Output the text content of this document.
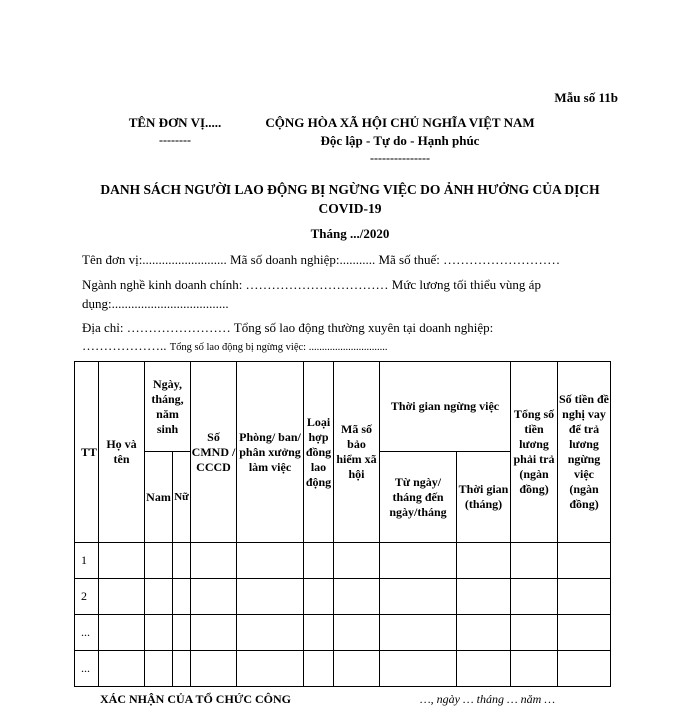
Mẫu số 11b
TÊN ĐƠN VỊ.....
--------
CỘNG HÒA XÃ HỘI CHỦ NGHĨA VIỆT NAM
Độc lập - Tự do - Hạnh phúc
---------------
DANH SÁCH NGƯỜI LAO ĐỘNG BỊ NGỪNG VIỆC DO ẢNH HƯỞNG CỦA DỊCH
COVID-19
Tháng .../2020
Tên đơn vị:.......................... Mã số doanh nghiệp:........... Mã số thuế: ………………………
Ngành nghề kinh doanh chính: …………………………… Mức lương tối thiểu vùng áp
dụng:....................................
Địa chỉ: …………………… Tổng số lao động thường xuyên tại doanh nghiệp:
……………….. Tổng số lao động bị ngừng việc: ..............................
TT	Họ và tên	Ngày, tháng, năm sinh		Số CMND / CCCD	Phòng/ ban/ phân xưởng làm việc	Loại hợp đồng lao động	Mã số bảo hiểm xã hội	Thời gian ngừng việc		Tổng số tiền lương phải trả (ngàn đồng)	Số tiền đề nghị vay để trả lương ngừng việc (ngàn đồng)
		Nam	Nữ					Từ ngày/ tháng đến ngày/tháng	Thời gian (tháng)		
1											
2											
...											
...											
XÁC NHẬN CỦA TỔ CHỨC CÔNG	…, ngày … tháng … năm …
